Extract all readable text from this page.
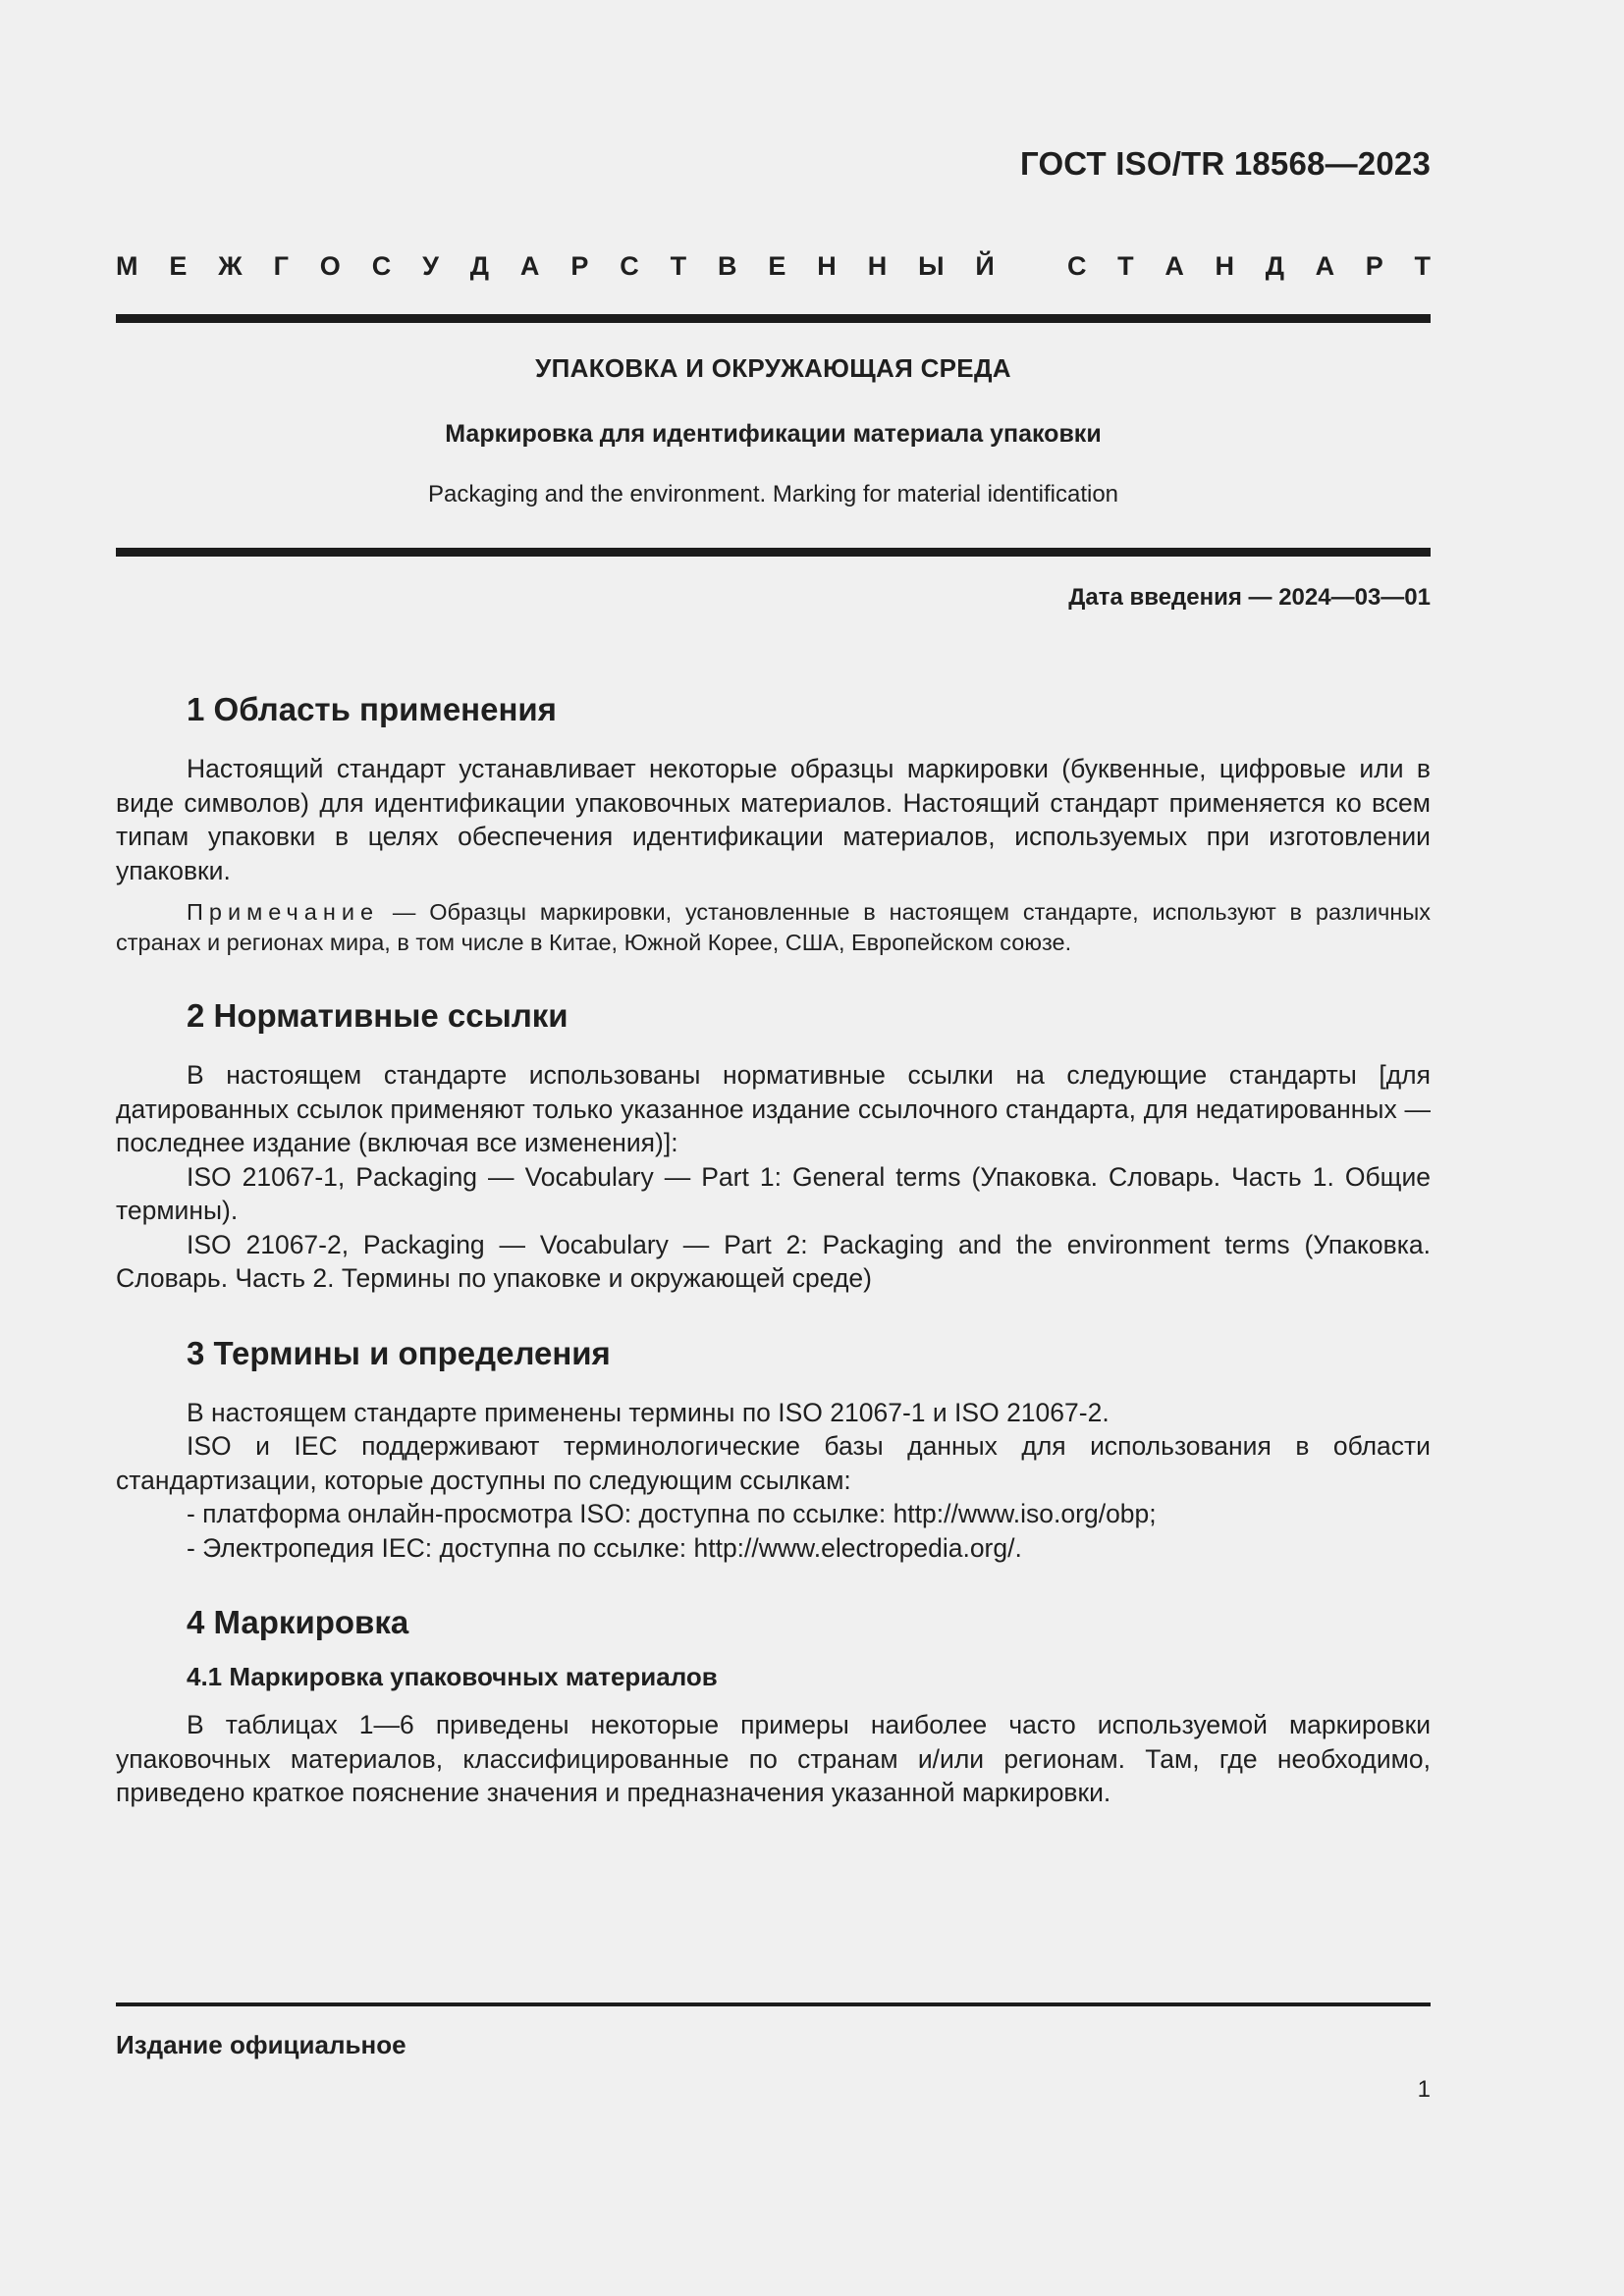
ГОСТ ISO/TR 18568—2023
М Е Ж Г О С У Д А Р С Т В Е Н Н Ы Й	С Т А Н Д А Р Т
УПАКОВКА И ОКРУЖАЮЩАЯ СРЕДА
Маркировка для идентификации материала упаковки
Packaging and the environment. Marking for material identification
Дата введения — 2024—03—01
1 Область применения

Настоящий стандарт устанавливает некоторые образцы маркировки (буквенные, цифровые или в виде символов) для идентификации упаковочных материалов. Настоящий стандарт применяется ко всем типам упаковки в целях обеспечения идентификации материалов, используемых при изготовлении упаковки.

Примечание — Образцы маркировки, установленные в настоящем стандарте, используют в различных странах и регионах мира, в том числе в Китае, Южной Корее, США, Европейском союзе.

2 Нормативные ссылки

В настоящем стандарте использованы нормативные ссылки на следующие стандарты [для датированных ссылок применяют только указанное издание ссылочного стандарта, для недатированных — последнее издание (включая все изменения)]:

ISO 21067-1, Packaging — Vocabulary — Part 1: General terms (Упаковка. Словарь. Часть 1. Общие термины).

ISO 21067-2, Packaging — Vocabulary — Part 2: Packaging and the environment terms (Упаковка. Словарь. Часть 2. Термины по упаковке и окружающей среде)

3 Термины и определения

В настоящем стандарте применены термины по ISO 21067-1 и ISO 21067-2.

ISO и IEC поддерживают терминологические базы данных для использования в области стандартизации, которые доступны по следующим ссылкам:

- платформа онлайн-просмотра ISO: доступна по ссылке: http://www.iso.org/obp;

- Электропедия IEC: доступна по ссылке: http://www.electropedia.org/.

4 Маркировка
4.1 Маркировка упаковочных материалов

В таблицах 1—6 приведены некоторые примеры наиболее часто используемой маркировки упаковочных материалов, классифицированные по странам и/или регионам. Там, где необходимо, приведено краткое пояснение значения и предназначения указанной маркировки.

Издание официальное
1
